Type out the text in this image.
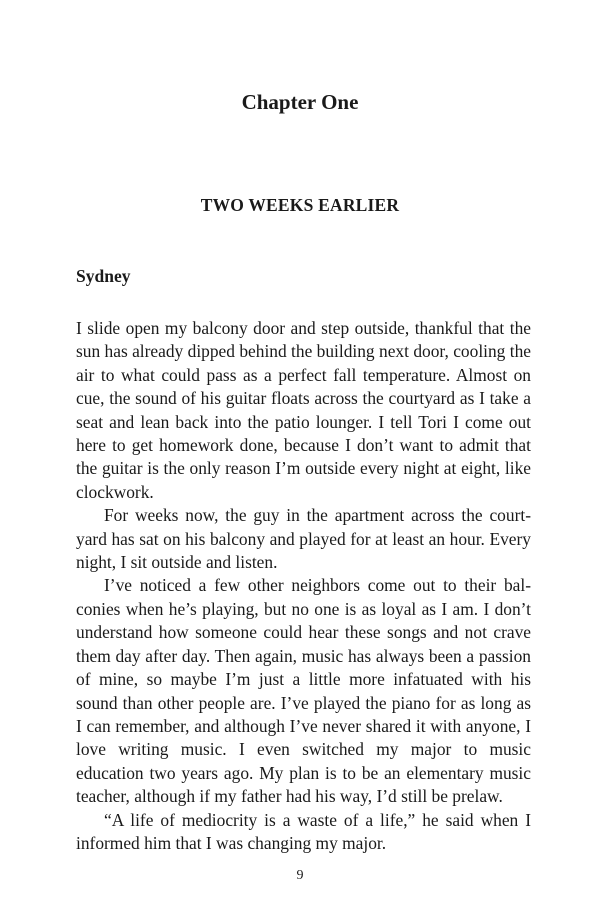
Chapter One
TWO WEEKS EARLIER
Sydney

I slide open my balcony door and step outside, thankful that the sun has already dipped behind the building next door, cooling the air to what could pass as a perfect fall temperature. Almost on cue, the sound of his guitar floats across the courtyard as I take a seat and lean back into the patio lounger. I tell Tori I come out here to get homework done, because I don’t want to admit that the guitar is the only reason I’m outside every night at eight, like clockwork.

For weeks now, the guy in the apartment across the courtyard has sat on his balcony and played for at least an hour. Every night, I sit outside and listen.

I’ve noticed a few other neighbors come out to their balconies when he’s playing, but no one is as loyal as I am. I don’t understand how someone could hear these songs and not crave them day after day. Then again, music has always been a passion of mine, so maybe I’m just a little more infatuated with his sound than other people are. I’ve played the piano for as long as I can remember, and although I’ve never shared it with anyone, I love writing music. I even switched my major to music education two years ago. My plan is to be an elementary music teacher, although if my father had his way, I’d still be prelaw.

“A life of mediocrity is a waste of a life,” he said when I informed him that I was changing my major.

9
